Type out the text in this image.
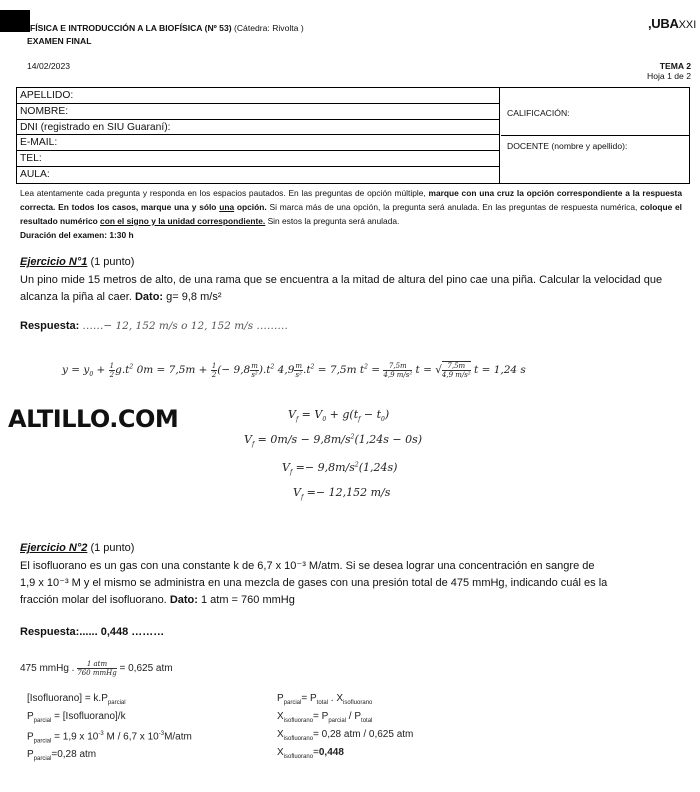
FÍSICA E INTRODUCCIÓN A LA BIOFÍSICA (Nº 53) (Cátedra: Rivolta )
EXAMEN FINAL
,UBAXXI
14/02/2023	TEMA 2
Hoja 1 de 2
APELLIDO:
NOMBRE:
DNI (registrado en SIU Guaraní):
E-MAIL:
TEL:
AULA:
CALIFICACIÓN:
DOCENTE (nombre y apellido):
Lea atentamente cada pregunta y responda en los espacios pautados. En las preguntas de opción múltiple, marque con una cruz la opción correspondiente a la respuesta correcta. En todos los casos, marque una y sólo una opción. Si marca más de una opción, la pregunta será anulada. En las preguntas de respuesta numérica, coloque el resultado numérico con el signo y la unidad correspondiente. Sin estos la pregunta será anulada.
Duración del examen: 1:30 h
Ejercicio N°1 (1 punto)
Un pino mide 15 metros de alto, de una rama que se encuentra a la mitad de altura del pino cae una piña. Calcular la velocidad que alcanza la piña al caer. Dato: g= 9,8 m/s²
Respuesta: ……− 12, 152 m/s o 12, 152 m/s ………
$y = y_0 + \frac{1}{2} g.t^2$ $0m = 7,5m + \frac{1}{2}$ (− $9,8 \frac{m}{\text{s²}} ).t^2$ $4,9 \frac{m}{\text{s²}} .t^2 = 7,5m$ $t^2 = \frac{7,5m}{\text{4,9 m/s²}}$ t = √ $\frac{7,5m}{\text{4,9 m/s²}}$ t = 1,24 s
ALTILLO.COM	$V_f = V_0 + g(t_f - t_0)$
$V_f = 0m/s - 9,8m/s^2(1,24s - 0s)$
$V_f =- 9,8m/s^2(1,24s)$
$V_f =- 12,152$ m/s
Ejercicio N°2 (1 punto)
El isofluorano es un gas con una constante k de 6,7 x 10⁻³ M/atm. Si se desea lograr una concentración en sangre de
1,9 x 10⁻³ M y el mismo se administra en una mezcla de gases con una presión total de 475 mmHg, indicando cuál es la
fracción molar del isofluorano. Dato: 1 atm = 760 mmHg
Respuesta:...... 0,448 ………
475 mmHg . $\frac{\text{1 atm}}{\text{760 mmHg}} = 0,625$ atm
[Isofluorano] = $k.P_{parcial}$
$P_{parcial}$ = [Isofluorano]/k
$P_{parcial} = 1,9$ x $10^{-3}$ M / 6,7 x $10^{-3}M$/atm
$P_{parcial}=0,28$ atm
$P_{parcial}= P_{total}$ . $X_{isofluorano}$
$X_{isofluorano}= P_{parcial} / P_{total}$
$X_{isofluorano}= 0,28$ atm / 0,625 atm
$X_{isofluorano}=0,448$
